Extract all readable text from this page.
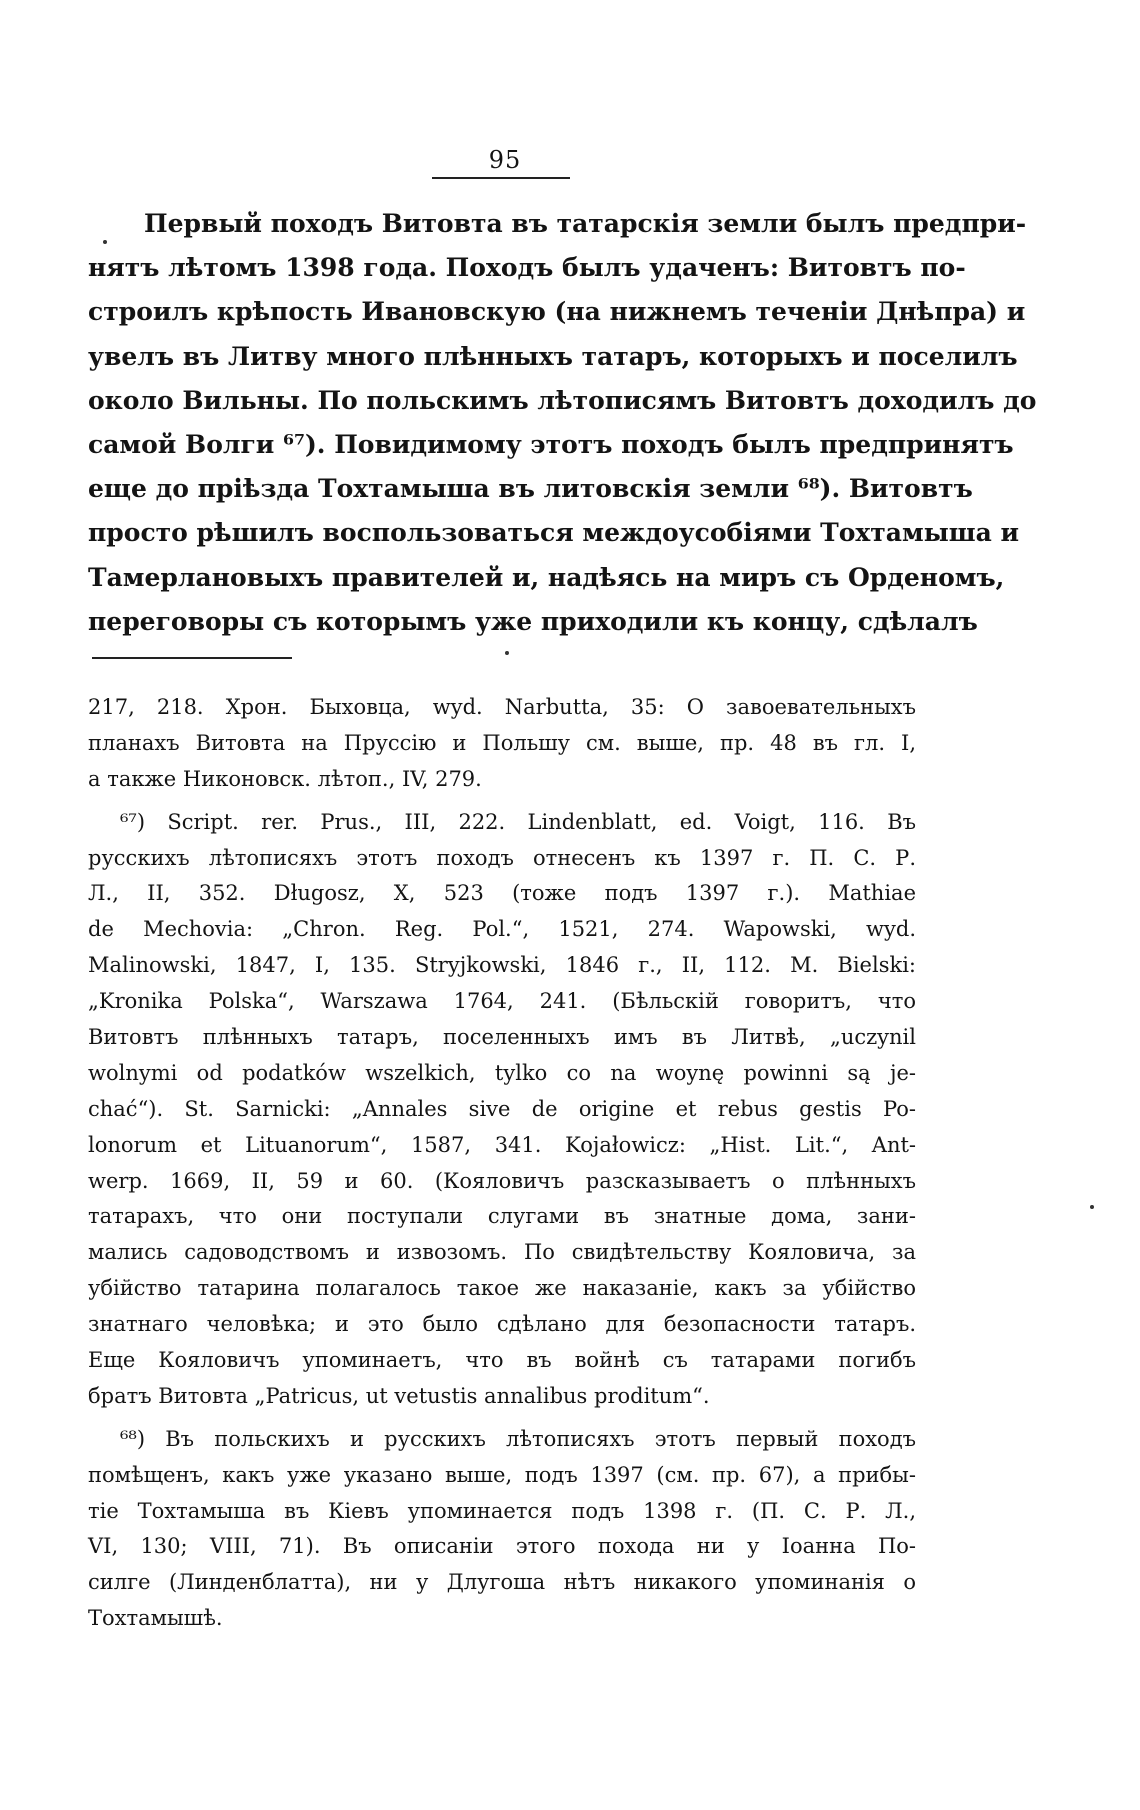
95
Первый походъ Витовта въ татарскія земли былъ предпри-
нятъ лѣтомъ 1398 года. Походъ былъ удаченъ: Витовтъ по-
строилъ крѣпость Ивановскую (на нижнемъ теченіи Днѣпра) и
увелъ въ Литву много плѣнныхъ татаръ, которыхъ и поселилъ
около Вильны. По польскимъ лѣтописямъ Витовтъ доходилъ до
самой Волги ⁶⁷). Повидимому этотъ походъ былъ предпринятъ
еще до пріѣзда Тохтамыша въ литовскія земли ⁶⁸). Витовтъ
просто рѣшилъ воспользоваться междоусобіями Тохтамыша и
Тамерлановыхъ правителей и, надѣясь на миръ съ Орденомъ,
переговоры съ которымъ уже приходили къ концу, сдѣлалъ
217, 218. Хрон. Быховца, wyd. Narbutta, 35: О завоевательныхъ
планахъ Витовта на Пруссію и Польшу см. выше, пр. 48 въ гл. I,
а также Никоновск. лѣтоп., IV, 279.
⁶⁷) Script. rer. Prus., III, 222. Lindenblatt, ed. Voigt, 116. Въ
русскихъ лѣтописяхъ этотъ походъ отнесенъ къ 1397 г. П. С. Р.
Л., II, 352. Długosz, X, 523 (тоже подъ 1397 г.). Mathiae
de Mechovia: „Chron. Reg. Pol.“, 1521, 274. Wapowski, wyd.
Malinowski, 1847, I, 135. Stryjkowski, 1846 г., II, 112. M. Bielski:
„Kronika Polska“, Warszawa 1764, 241. (Бѣльскій говоритъ, что
Витовтъ плѣнныхъ татаръ, поселенныхъ имъ въ Литвѣ, „uczynil
wolnymi od podatków wszelkich, tylko co na woynę powinni są je-
chać“). St. Sarnicki: „Annales sive de origine et rebus gestis Po-
lonorum et Lituanorum“, 1587, 341. Kojałowicz: „Hist. Lit.“, Ant-
werp. 1669, II, 59 и 60. (Кояловичъ разсказываетъ о плѣнныхъ
татарахъ, что они поступали слугами въ знатные дома, зани-
мались садоводствомъ и извозомъ. По свидѣтельству Кояловича, за
убійство татарина полагалось такое же наказаніе, какъ за убійство
знатнаго человѣка; и это было сдѣлано для безопасности татаръ.
Еще Кояловичъ упоминаетъ, что въ войнѣ съ татарами погибъ
братъ Витовта „Patricus, ut vetustis annalibus proditum“.
⁶⁸) Въ польскихъ и русскихъ лѣтописяхъ этотъ первый походъ
помѣщенъ, какъ уже указано выше, подъ 1397 (см. пр. 67), а прибы-
тіе Тохтамыша въ Кіевъ упоминается подъ 1398 г. (П. С. Р. Л.,
VI, 130; VIII, 71). Въ описаніи этого похода ни у Іоанна По-
силге (Линденблатта), ни у Длугоша нѣтъ никакого упоминанія о
Тохтамышѣ.
